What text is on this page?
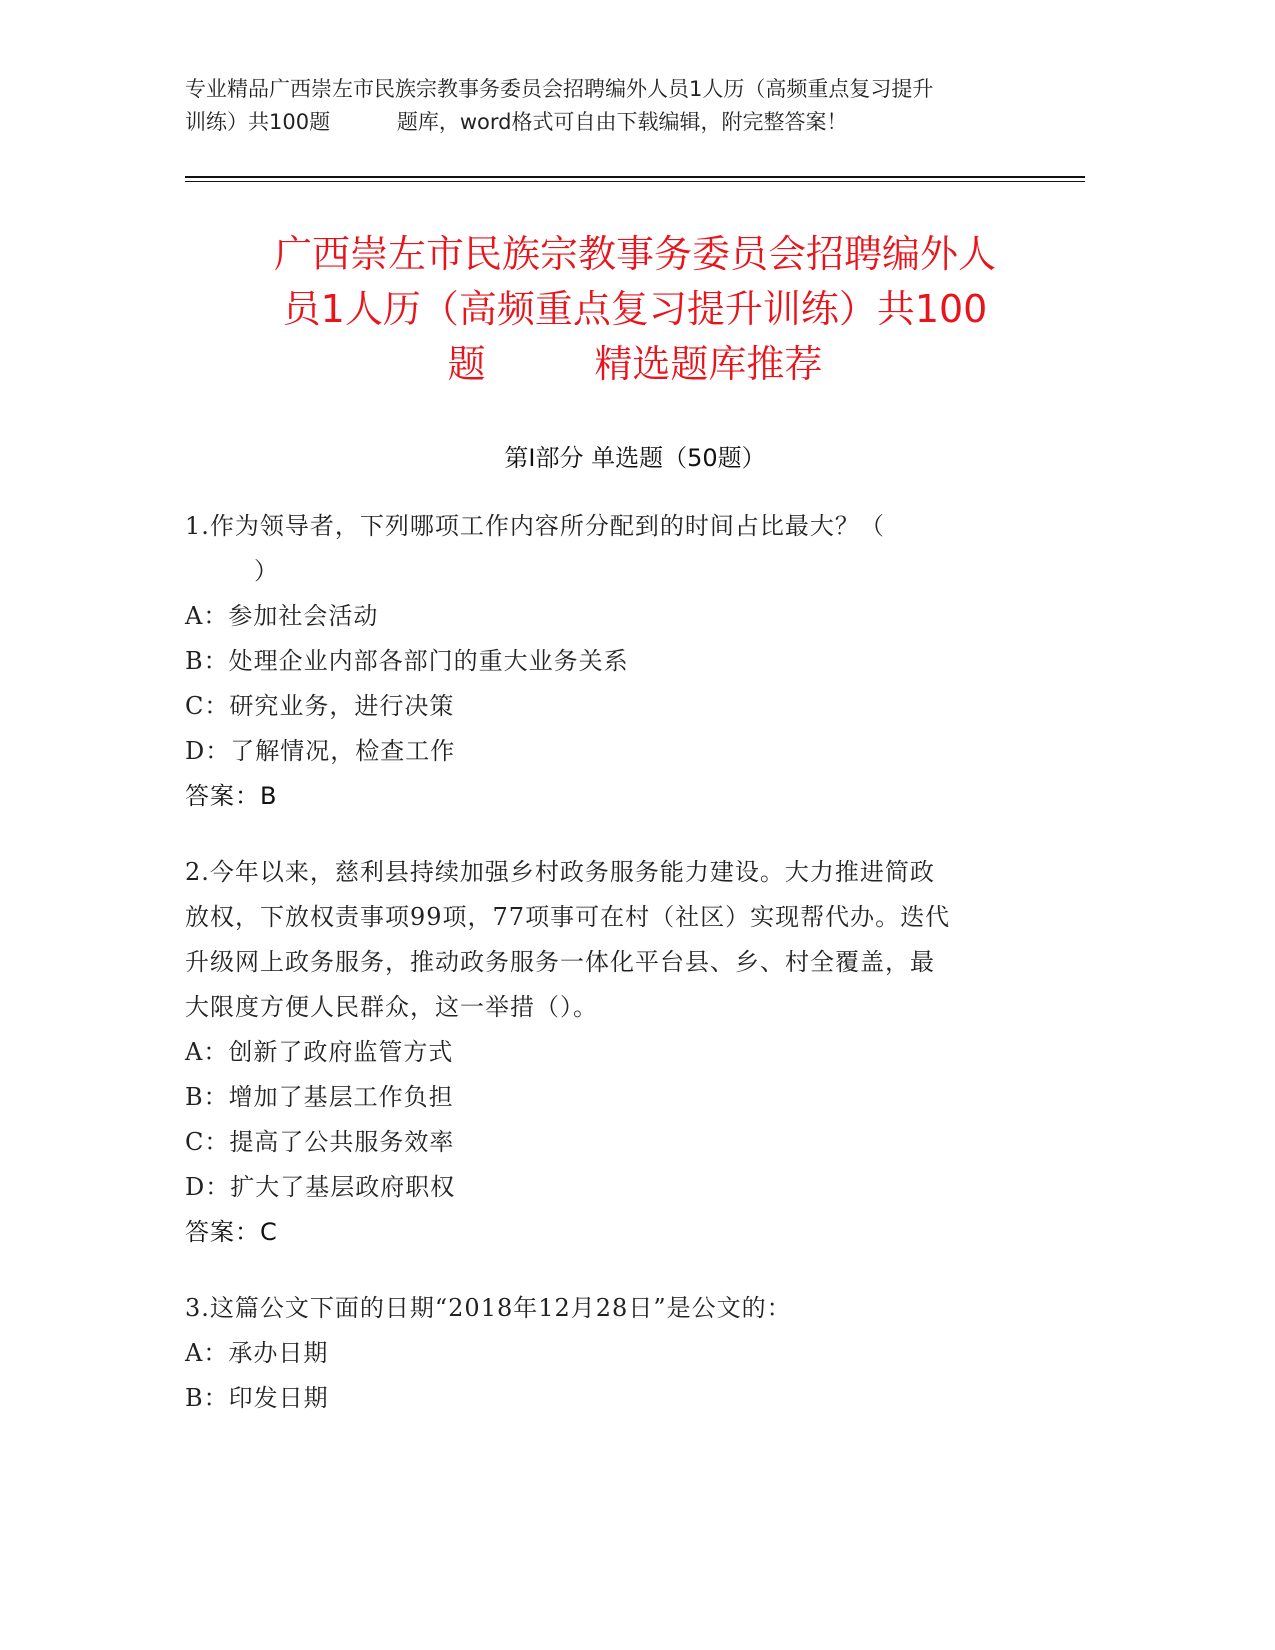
专业精品广西崇左市民族宗教事务委员会招聘编外人员1人历（高频重点复习提升
训练）共100题          题库，word格式可自由下载编辑，附完整答案！
广西崇左市民族宗教事务委员会招聘编外人
员1人历（高频重点复习提升训练）共100
题         精选题库推荐
第Ⅰ部分 单选题（50题）
1.作为领导者，下列哪项工作内容所分配到的时间占比最大？（
）
A：参加社会活动
B：处理企业内部各部门的重大业务关系
C：研究业务，进行决策
D：了解情况，检查工作
答案：B
2.今年以来，慈利县持续加强乡村政务服务能力建设。大力推进简政
放权，下放权责事项99项，77项事可在村（社区）实现帮代办。迭代
升级网上政务服务，推动政务服务一体化平台县、乡、村全覆盖，最
大限度方便人民群众，这一举措（）。
A：创新了政府监管方式
B：增加了基层工作负担
C：提高了公共服务效率
D：扩大了基层政府职权
答案：C
3.这篇公文下面的日期“2018年12月28日”是公文的：
A：承办日期
B：印发日期
